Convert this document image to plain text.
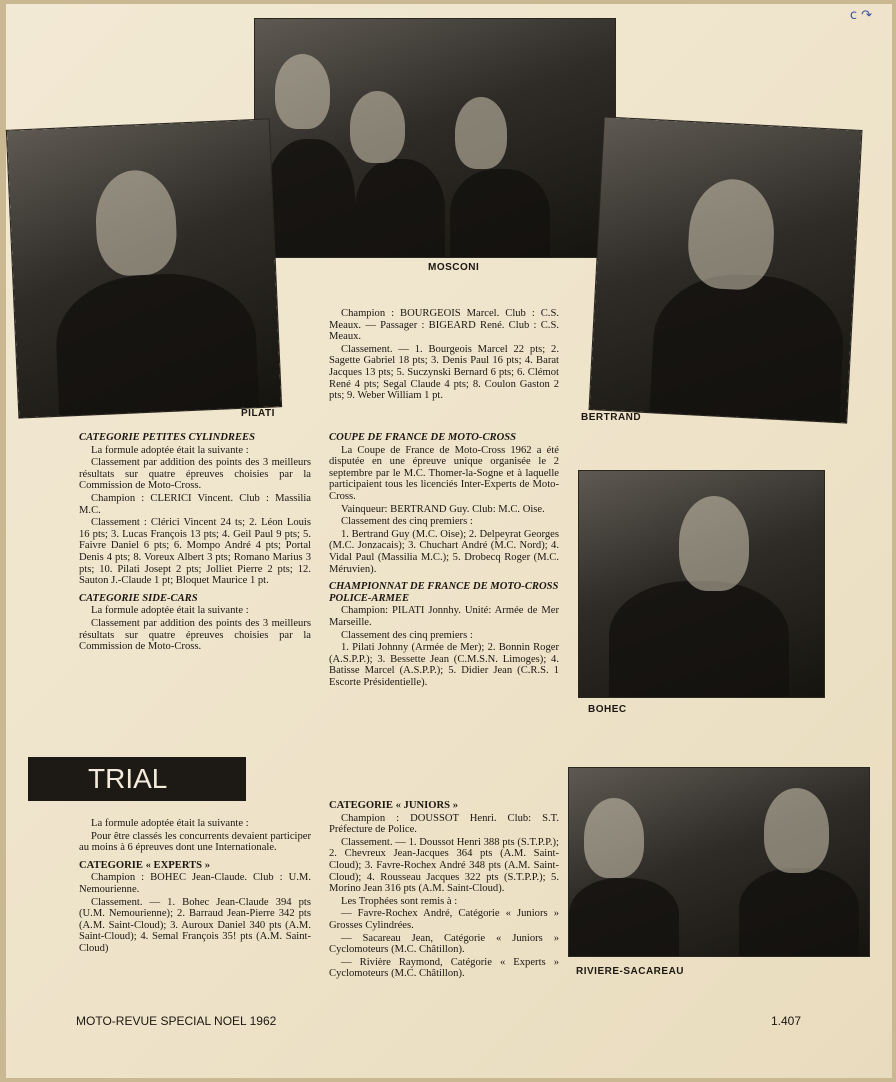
c ↷
MOSCONI
PILATI	BERTRAND
BOHEC
RIVIERE-SACAREAU

Champion : BOURGEOIS Marcel. Club : C.S. Meaux. — Passager : BIGEARD René. Club : C.S. Meaux.

Classement. — 1. Bourgeois Marcel 22 pts; 2. Sagette Gabriel 18 pts; 3. Denis Paul 16 pts; 4. Barat Jacques 13 pts; 5. Suczynski Bernard 6 pts; 6. Clémot René 4 pts; Segal Claude 4 pts; 8. Coulon Gaston 2 pts; 9. Weber William 1 pt.

CATEGORIE PETITES CYLINDREES

La formule adoptée était la suivante :

Classement par addition des points des 3 meilleurs résultats sur quatre épreuves choisies par la Commission de Moto-Cross.

Champion : CLERICI Vincent. Club : Massilia M.C.

Classement : Clérici Vincent 24 ts; 2. Léon Louis 16 pts; 3. Lucas François 13 pts; 4. Geil Paul 9 pts; 5. Faivre Daniel 6 pts; 6. Mompo André 4 pts; Portal Denis 4 pts; 8. Voreux Albert 3 pts; Romano Marius 3 pts; 10. Pilati Josept 2 pts; Jolliet Pierre 2 pts; 12. Sauton J.-Claude 1 pt; Bloquet Maurice 1 pt.

CATEGORIE SIDE-CARS

La formule adoptée était la suivante :

Classement par addition des points des 3 meilleurs résultats sur quatre épreuves choisies par la Commission de Moto-Cross.

COUPE DE FRANCE DE MOTO-CROSS

La Coupe de France de Moto-Cross 1962 a été disputée en une épreuve unique organisée le 2 septembre par le M.C. Thomer-la-Sogne et à laquelle participaient tous les licenciés Inter-Experts de Moto-Cross.

Vainqueur: BERTRAND Guy. Club: M.C. Oise.

Classement des cinq premiers :

1. Bertrand Guy (M.C. Oise); 2. Delpeyrat Georges (M.C. Jonzacais); 3. Chuchart André (M.C. Nord); 4. Vidal Paul (Massilia M.C.); 5. Drobecq Roger (M.C. Méruvien).

CHAMPIONNAT DE FRANCE DE MOTO-CROSS POLICE-ARMEE

Champion: PILATI Jonnhy. Unité: Armée de Mer Marseille.

Classement des cinq premiers :

1. Pilati Johnny (Armée de Mer); 2. Bonnin Roger (A.S.P.P.); 3. Bessette Jean (C.M.S.N. Limoges); 4. Batisse Marcel (A.S.P.P.); 5. Didier Jean (C.R.S. 1 Escorte Présidentielle).

TRIAL

La formule adoptée était la suivante :

Pour être classés les concurrents devaient participer au moins à 6 épreuves dont une Internationale.

CATEGORIE « EXPERTS »

Champion : BOHEC Jean-Claude. Club : U.M. Nemourienne.

Classement. — 1. Bohec Jean-Claude 394 pts (U.M. Nemourienne); 2. Barraud Jean-Pierre 342 pts (A.M. Saint-Cloud); 3. Auroux Daniel 340 pts (A.M. Saint-Cloud); 4. Semal François 35! pts (A.M. Saint-Cloud)

CATEGORIE « JUNIORS »

Champion : DOUSSOT Henri. Club: S.T. Préfecture de Police.

Classement. — 1. Doussot Henri 388 pts (S.T.P.P.); 2. Chevreux Jean-Jacques 364 pts (A.M. Saint-Cloud); 3. Favre-Rochex André 348 pts (A.M. Saint-Cloud); 4. Rousseau Jacques 322 pts (S.T.P.P.); 5. Morino Jean 316 pts (A.M. Saint-Cloud).

Les Trophées sont remis à :

— Favre-Rochex André, Catégorie « Juniors » Grosses Cylindrées.

— Sacareau Jean, Catégorie « Juniors » Cyclomoteurs (M.C. Châtillon).

— Rivière Raymond, Catégorie « Experts » Cyclomoteurs (M.C. Châtillon).

MOTO-REVUE SPECIAL NOEL 1962	1.407
